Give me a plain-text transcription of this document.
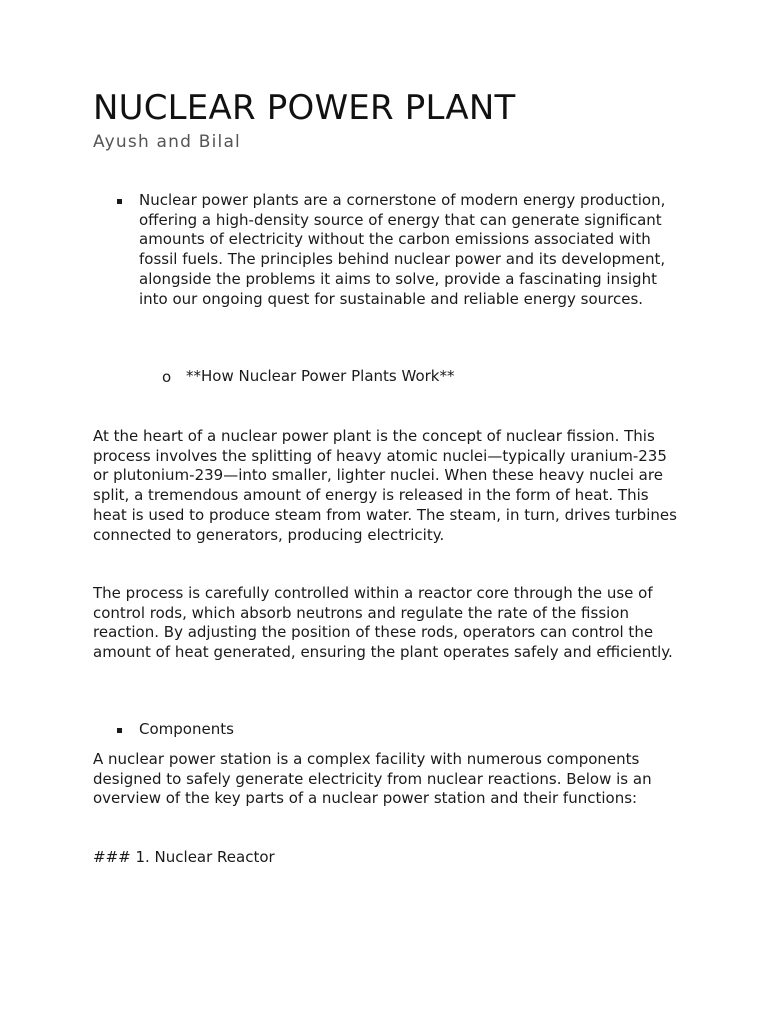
NUCLEAR POWER PLANT
Ayush and Bilal
Nuclear power plants are a cornerstone of modern energy production, offering a high-density source of energy that can generate significant amounts of electricity without the carbon emissions associated with fossil fuels. The principles behind nuclear power and its development, alongside the problems it aims to solve, provide a fascinating insight into our ongoing quest for sustainable and reliable energy sources.
o **How Nuclear Power Plants Work**
At the heart of a nuclear power plant is the concept of nuclear fission. This process involves the splitting of heavy atomic nuclei—typically uranium-235 or plutonium-239—into smaller, lighter nuclei. When these heavy nuclei are split, a tremendous amount of energy is released in the form of heat. This heat is used to produce steam from water. The steam, in turn, drives turbines connected to generators, producing electricity.
The process is carefully controlled within a reactor core through the use of control rods, which absorb neutrons and regulate the rate of the fission reaction. By adjusting the position of these rods, operators can control the amount of heat generated, ensuring the plant operates safely and efficiently.
Components
A nuclear power station is a complex facility with numerous components designed to safely generate electricity from nuclear reactions. Below is an overview of the key parts of a nuclear power station and their functions:
### 1. Nuclear Reactor
